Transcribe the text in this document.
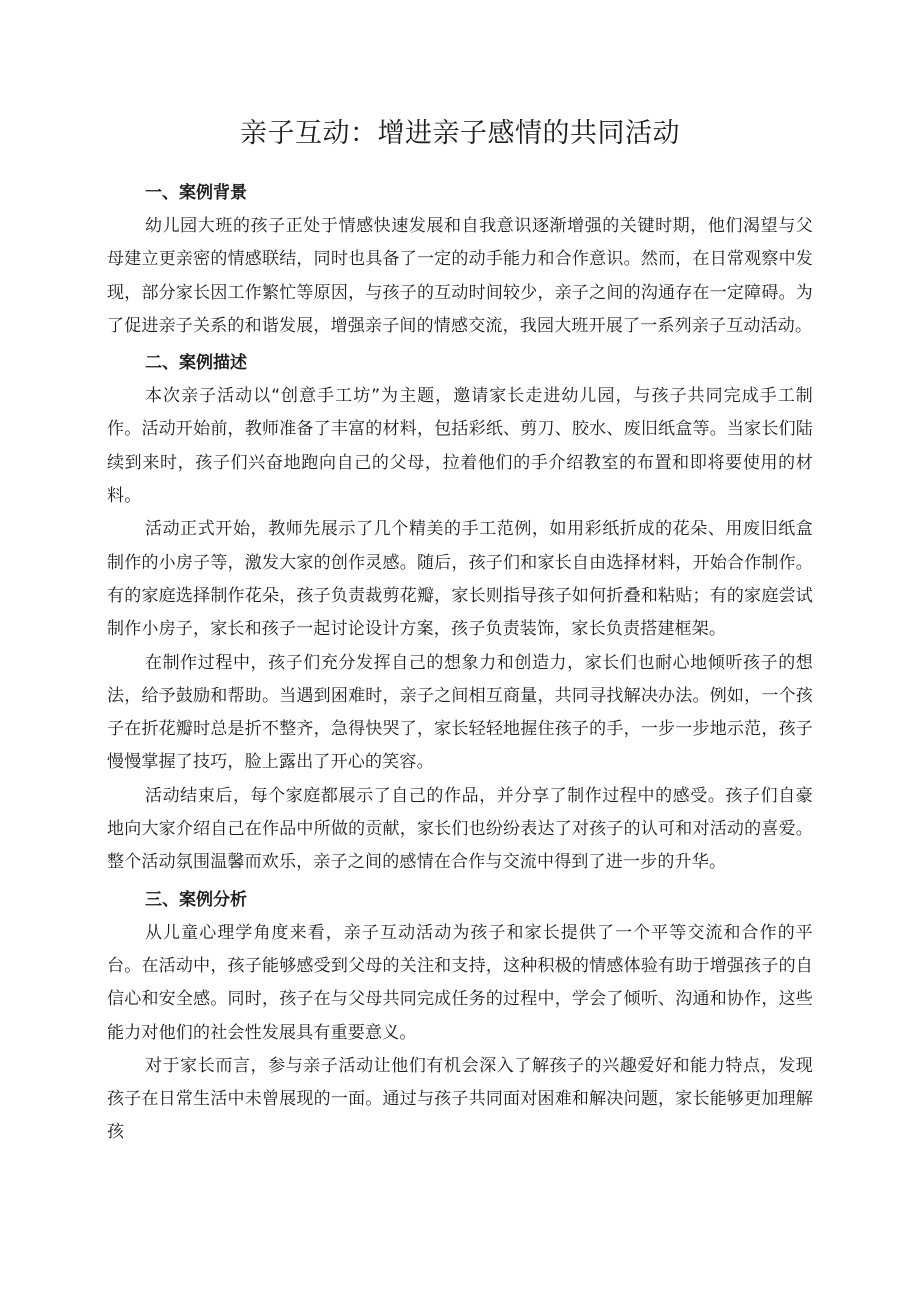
亲子互动：增进亲子感情的共同活动

一、案例背景

幼儿园大班的孩子正处于情感快速发展和自我意识逐渐增强的关键时期，他们渴望与父母建立更亲密的情感联结，同时也具备了一定的动手能力和合作意识。然而，在日常观察中发现，部分家长因工作繁忙等原因，与孩子的互动时间较少，亲子之间的沟通存在一定障碍。为了促进亲子关系的和谐发展，增强亲子间的情感交流，我园大班开展了一系列亲子互动活动。

二、案例描述

本次亲子活动以“创意手工坊”为主题，邀请家长走进幼儿园，与孩子共同完成手工制作。活动开始前，教师准备了丰富的材料，包括彩纸、剪刀、胶水、废旧纸盒等。当家长们陆续到来时，孩子们兴奋地跑向自己的父母，拉着他们的手介绍教室的布置和即将要使用的材料。

活动正式开始，教师先展示了几个精美的手工范例，如用彩纸折成的花朵、用废旧纸盒制作的小房子等，激发大家的创作灵感。随后，孩子们和家长自由选择材料，开始合作制作。有的家庭选择制作花朵，孩子负责裁剪花瓣，家长则指导孩子如何折叠和粘贴；有的家庭尝试制作小房子，家长和孩子一起讨论设计方案，孩子负责装饰，家长负责搭建框架。

在制作过程中，孩子们充分发挥自己的想象力和创造力，家长们也耐心地倾听孩子的想法，给予鼓励和帮助。当遇到困难时，亲子之间相互商量，共同寻找解决办法。例如，一个孩子在折花瓣时总是折不整齐，急得快哭了，家长轻轻地握住孩子的手，一步一步地示范，孩子慢慢掌握了技巧，脸上露出了开心的笑容。

活动结束后，每个家庭都展示了自己的作品，并分享了制作过程中的感受。孩子们自豪地向大家介绍自己在作品中所做的贡献，家长们也纷纷表达了对孩子的认可和对活动的喜爱。整个活动氛围温馨而欢乐，亲子之间的感情在合作与交流中得到了进一步的升华。

三、案例分析

从儿童心理学角度来看，亲子互动活动为孩子和家长提供了一个平等交流和合作的平台。在活动中，孩子能够感受到父母的关注和支持，这种积极的情感体验有助于增强孩子的自信心和安全感。同时，孩子在与父母共同完成任务的过程中，学会了倾听、沟通和协作，这些能力对他们的社会性发展具有重要意义。

对于家长而言，参与亲子活动让他们有机会深入了解孩子的兴趣爱好和能力特点，发现孩子在日常生活中未曾展现的一面。通过与孩子共同面对困难和解决问题，家长能够更加理解孩
